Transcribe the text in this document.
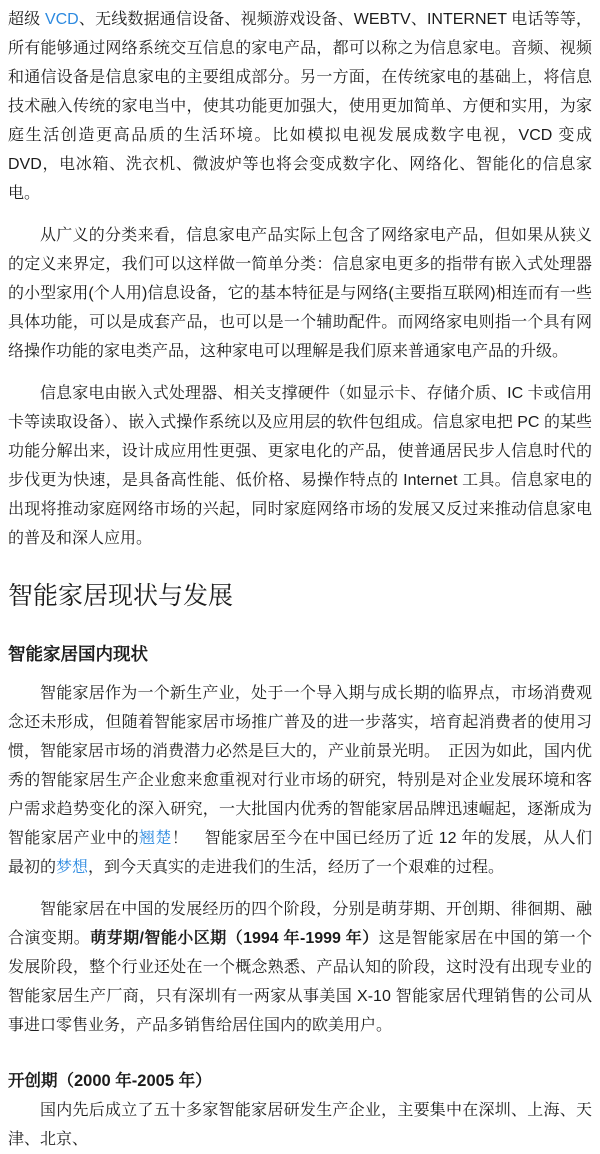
超级 VCD、无线数据通信设备、视频游戏设备、WEBTV、INTERNET 电话等等，所有能够通过网络系统交互信息的家电产品，都可以称之为信息家电。音频、视频和通信设备是信息家电的主要组成部分。另一方面，在传统家电的基础上，将信息技术融入传统的家电当中，使其功能更加强大，使用更加简单、方便和实用，为家庭生活创造更高品质的生活环境。比如模拟电视发展成数字电视，VCD 变成 DVD，电冰箱、洗衣机、微波炉等也将会变成数字化、网络化、智能化的信息家电。

从广义的分类来看，信息家电产品实际上包含了网络家电产品，但如果从狭义的定义来界定，我们可以这样做一简单分类：信息家电更多的指带有嵌入式处理器的小型家用(个人用)信息设备，它的基本特征是与网络(主要指互联网)相连而有一些具体功能，可以是成套产品，也可以是一个辅助配件。而网络家电则指一个具有网络操作功能的家电类产品，这种家电可以理解是我们原来普通家电产品的升级。

信息家电由嵌入式处理器、相关支撑硬件（如显示卡、存储介质、IC 卡或信用卡等读取设备）、嵌入式操作系统以及应用层的软件包组成。信息家电把 PC 的某些功能分解出来，设计成应用性更强、更家电化的产品，使普通居民步人信息时代的步伐更为快速，是具备高性能、低价格、易操作特点的 Internet 工具。信息家电的出现将推动家庭网络市场的兴起，同时家庭网络市场的发展又反过来推动信息家电的普及和深人应用。

智能家居现状与发展
智能家居国内现状

智能家居作为一个新生产业，处于一个导入期与成长期的临界点，市场消费观念还未形成，但随着智能家居市场推广普及的进一步落实，培育起消费者的使用习惯，智能家居市场的消费潜力必然是巨大的，产业前景光明。　正因为如此，国内优秀的智能家居生产企业愈来愈重视对行业市场的研究，特别是对企业发展环境和客户需求趋势变化的深入研究，一大批国内优秀的智能家居品牌迅速崛起，逐渐成为智能家居产业中的翘楚！　智能家居至今在中国已经历了近 12 年的发展，从人们最初的梦想，到今天真实的走进我们的生活，经历了一个艰难的过程。

智能家居在中国的发展经历的四个阶段，分别是萌芽期、开创期、徘徊期、融合演变期。萌芽期/智能小区期（1994 年-1999 年）这是智能家居在中国的第一个发展阶段，整个行业还处在一个概念熟悉、产品认知的阶段，这时没有出现专业的智能家居生产厂商，只有深圳有一两家从事美国 X-10 智能家居代理销售的公司从事进口零售业务，产品多销售给居住国内的欧美用户。

开创期（2000 年-2005 年）

国内先后成立了五十多家智能家居研发生产企业，主要集中在深圳、上海、天津、北京、
